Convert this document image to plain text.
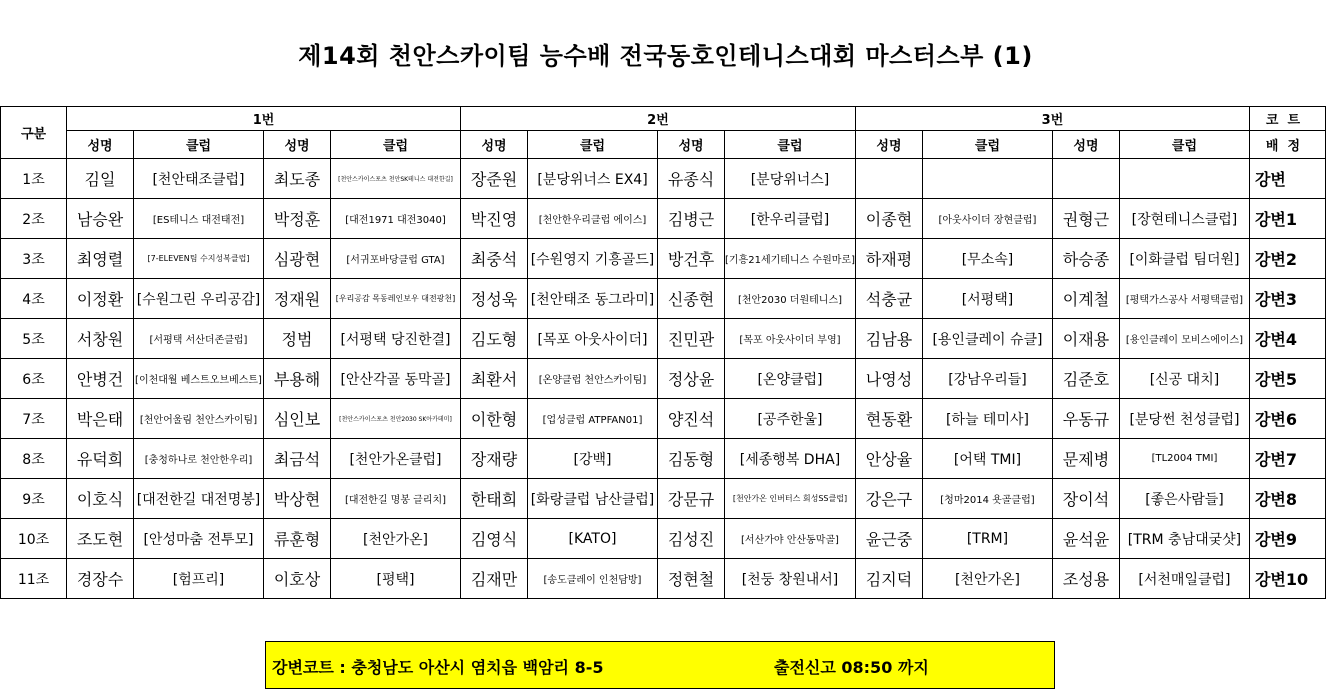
제14회 천안스카이팀 능수배 전국동호인테니스대회 마스터스부 (1)
구분	1번				2번				3번				코트
	성명	클럽	성명	클럽	성명	클럽	성명	클럽	성명	클럽	성명	클럽	배정
1조	김일	[천안태조클럽]	최도종	[천안스카이스포츠 천안SK테니스 대전한길]	장준원	[분당위너스 EX4]	유종식	[분당위너스]					강변
2조	남승완	[ES테니스 대전태전]	박정훈	[대전1971 대전3040]	박진영	[천안한우리클럽 에이스]	김병근	[한우리클럽]	이종현	[아웃사이더 장현클럽]	권형근	[장현테니스클럽]	강변1
3조	최영렬	[7-ELEVEN팀 수지성복클럽]	심광현	[서귀포바당클럽 GTA]	최중석	[수원영지 기흥골드]	방건후	[기흥21세기테니스 수원마로]	하재평	[무소속]	하승종	[이화클럽 팀더원]	강변2
4조	이정환	[수원그린 우리공감]	정재원	[우리공감 목동레인보우 대전광천]	정성욱	[천안태조 동그라미]	신종현	[천안2030 더원테니스]	석충균	[서평택]	이계철	[평택가스공사 서평택클럽]	강변3
5조	서창원	[서평택 서산더존클럽]	정범	[서평택 당진한결]	김도형	[목포 아웃사이더]	진민관	[목포 아웃사이더 부영]	김남용	[용인클레이 슈클]	이재용	[용인클레이 모비스에이스]	강변4
6조	안병건	[이천대월 베스트오브베스트]	부용해	[안산각골 동막골]	최환서	[온양클럽 천안스카이팀]	정상윤	[온양클럽]	나영성	[강남우리들]	김준호	[신공 대치]	강변5
7조	박은태	[천안어울림 천안스카이팀]	심인보	[천안스카이스포츠 천안2030 SK아카데미]	이한형	[업성클럽 ATPFAN01]	양진석	[공주한울]	현동환	[하늘 테미사]	우동규	[분당썬 천성클럽]	강변6
8조	유덕희	[충청하나로 천안한우리]	최금석	[천안가온클럽]	장재량	[강백]	김동형	[세종행복 DHA]	안상율	[어택 TMI]	문제병	[TL2004 TMI]	강변7
9조	이호식	[대전한길 대전명봉]	박상현	[대전한길 명봉 글리치]	한태희	[화랑클럽 남산클럽]	강문규	[천안가온 인버터스 회성SS클럽]	강은구	[청마2014 욧골클럽]	장이석	[좋은사람들]	강변8
10조	조도현	[안성마춤 전투모]	류훈형	[천안가온]	김영식	[KATO]	김성진	[서산가야 안산동막골]	윤근중	[TRM]	윤석윤	[TRM 충남대궂샷]	강변9
11조	경장수	[험프리]	이호상	[평택]	김재만	[송도클레이 인천담방]	정현철	[천둥 창원내서]	김지덕	[천안가온]	조성용	[서천매일클럽]	강변10
강변코트 : 충청남도 아산시 염치읍 백암리 8-5	출전신고 08:50 까지
